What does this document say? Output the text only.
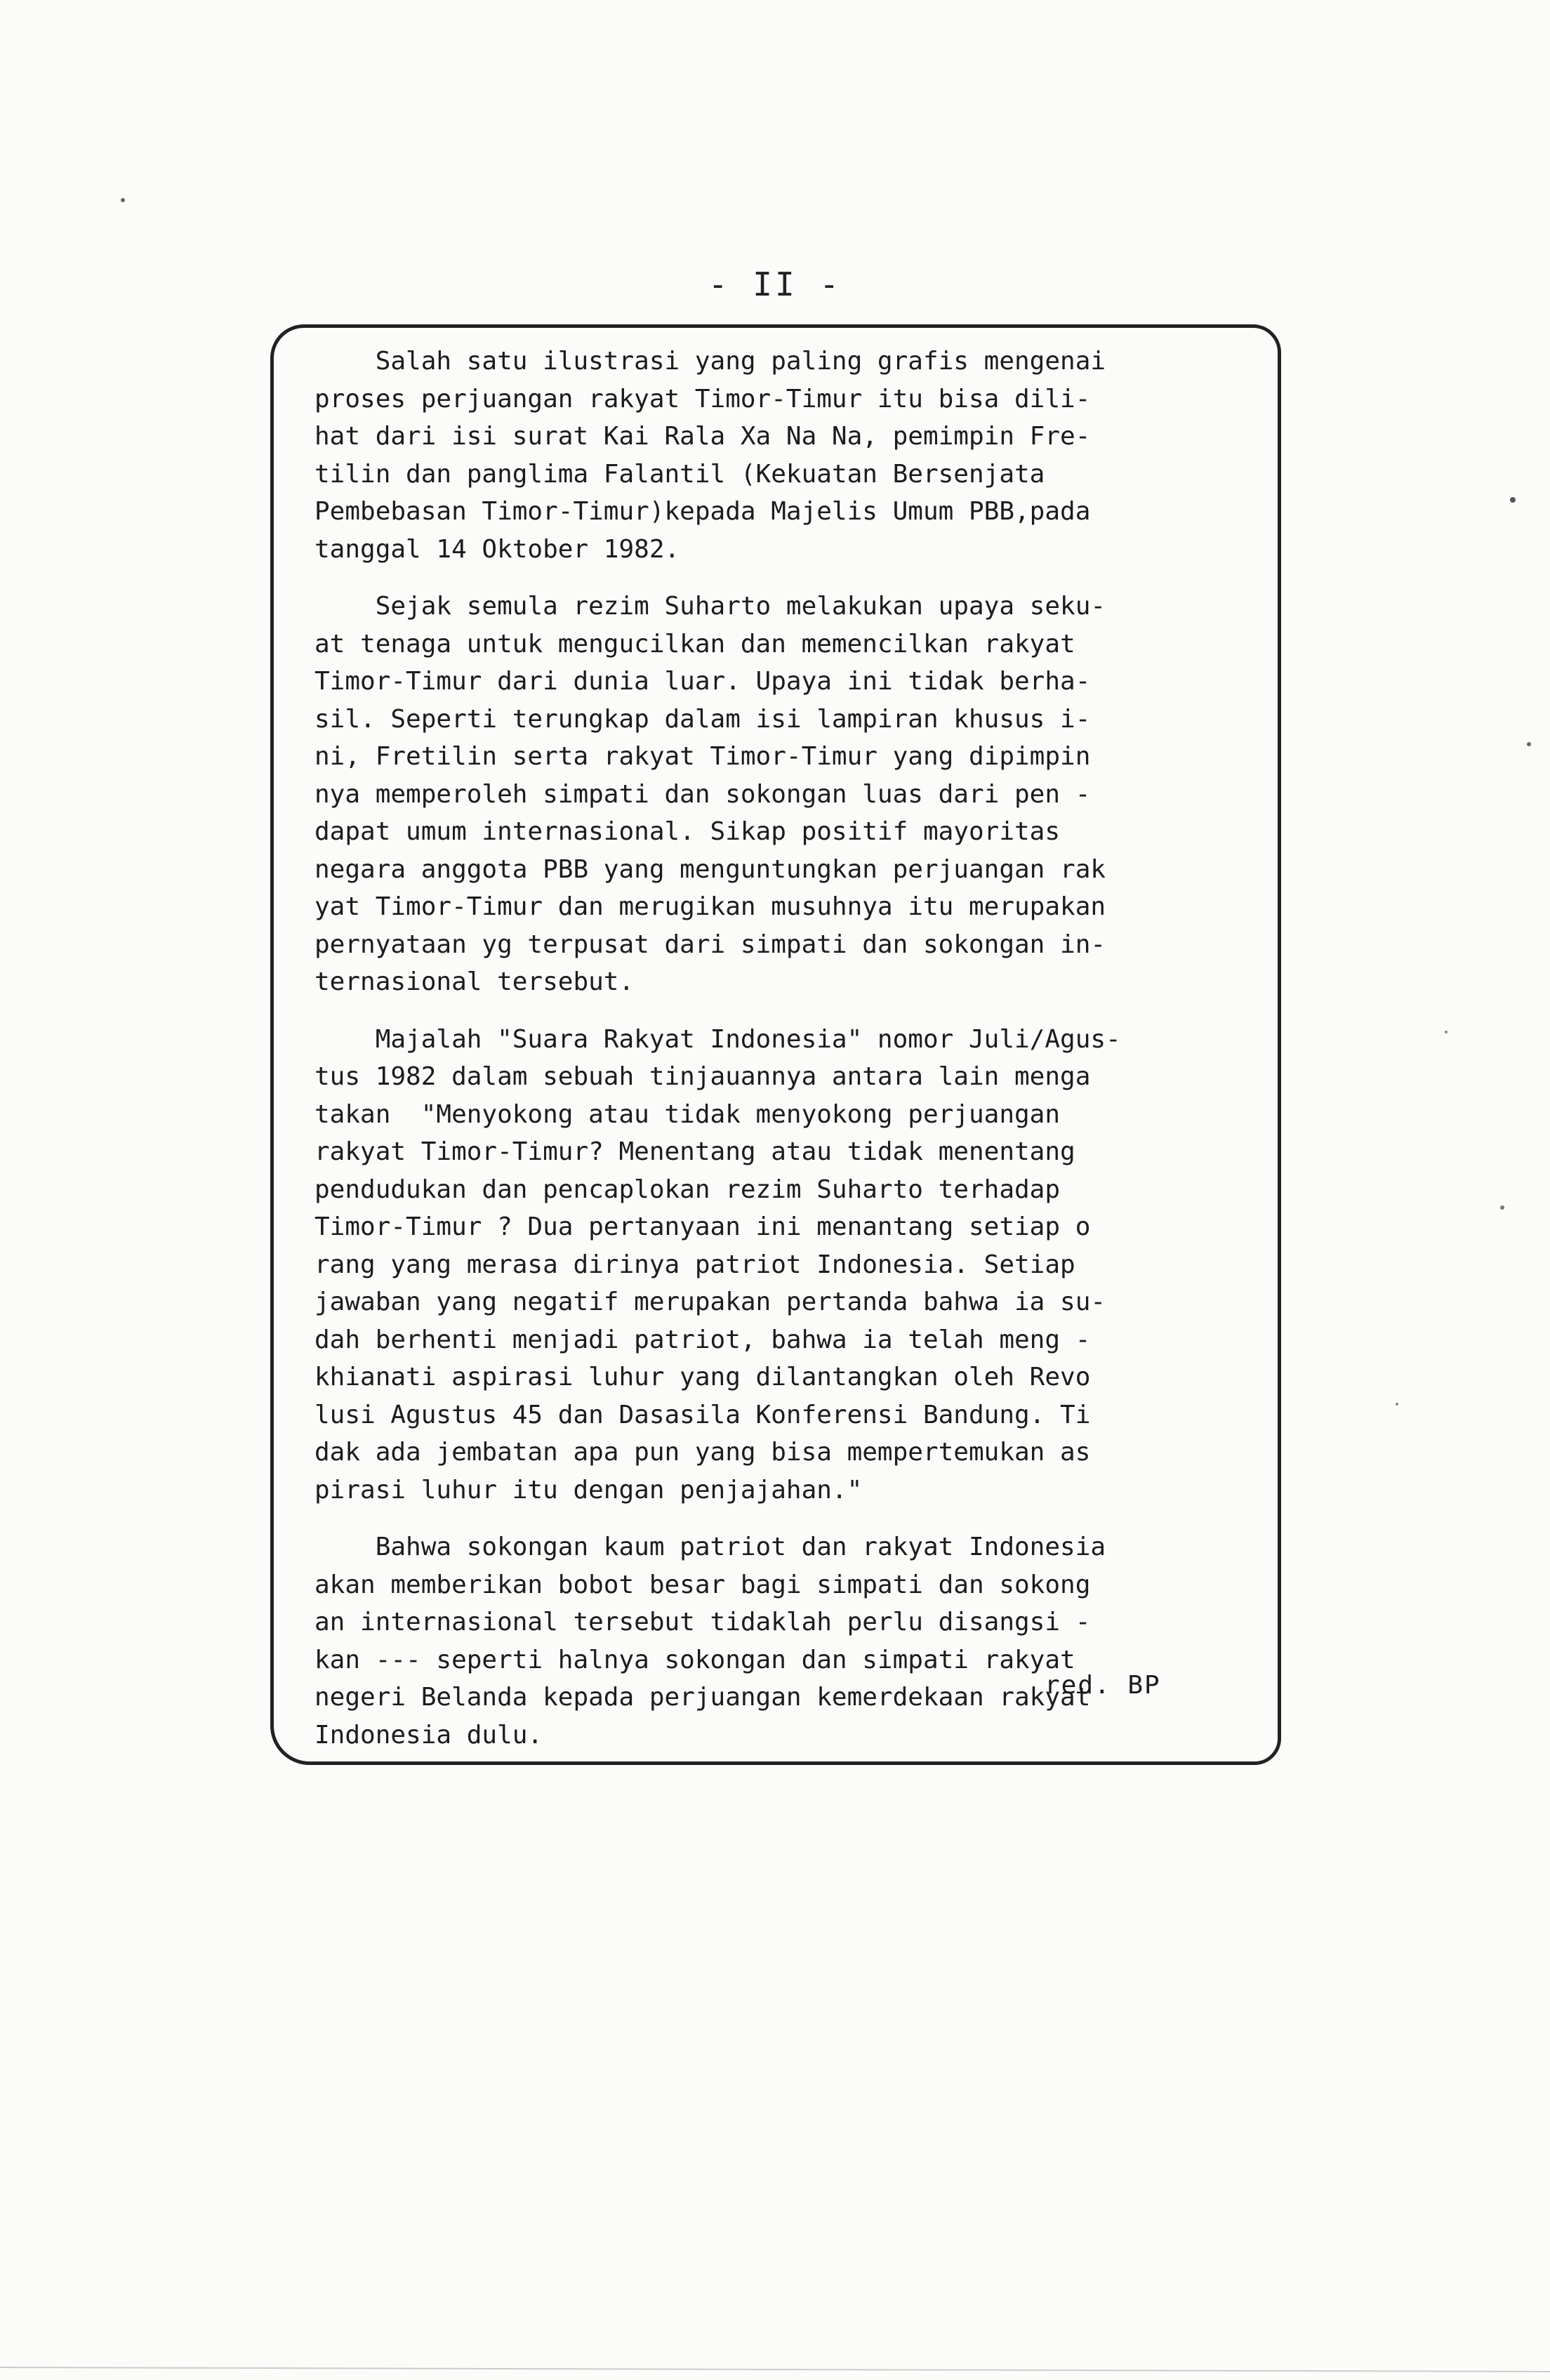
- II -

Salah satu ilustrasi yang paling grafis mengenai
proses perjuangan rakyat Timor-Timur itu bisa dili-
hat dari isi surat Kai Rala Xa Na Na, pemimpin Fre-
tilin dan panglima Falantil (Kekuatan Bersenjata
Pembebasan Timor-Timur)kepada Majelis Umum PBB,pada
tanggal 14 Oktober 1982.

Sejak semula rezim Suharto melakukan upaya seku-
at tenaga untuk mengucilkan dan memencilkan rakyat
Timor-Timur dari dunia luar. Upaya ini tidak berha-
sil. Seperti terungkap dalam isi lampiran khusus i-
ni, Fretilin serta rakyat Timor-Timur yang dipimpin
nya memperoleh simpati dan sokongan luas dari pen -
dapat umum internasional. Sikap positif mayoritas
negara anggota PBB yang menguntungkan perjuangan rak
yat Timor-Timur dan merugikan musuhnya itu merupakan
pernyataan yg terpusat dari simpati dan sokongan in-
ternasional tersebut.

Majalah "Suara Rakyat Indonesia" nomor Juli/Agus-
tus 1982 dalam sebuah tinjauannya antara lain menga
takan  "Menyokong atau tidak menyokong perjuangan
rakyat Timor-Timur? Menentang atau tidak menentang
pendudukan dan pencaplokan rezim Suharto terhadap
Timor-Timur ? Dua pertanyaan ini menantang setiap o
rang yang merasa dirinya patriot Indonesia. Setiap
jawaban yang negatif merupakan pertanda bahwa ia su-
dah berhenti menjadi patriot, bahwa ia telah meng -
khianati aspirasi luhur yang dilantangkan oleh Revo
lusi Agustus 45 dan Dasasila Konferensi Bandung. Ti
dak ada jembatan apa pun yang bisa mempertemukan as
pirasi luhur itu dengan penjajahan."

Bahwa sokongan kaum patriot dan rakyat Indonesia
akan memberikan bobot besar bagi simpati dan sokong
an internasional tersebut tidaklah perlu disangsi -
kan --- seperti halnya sokongan dan simpati rakyat
negeri Belanda kepada perjuangan kemerdekaan rakyat
Indonesia dulu.

red. BP
